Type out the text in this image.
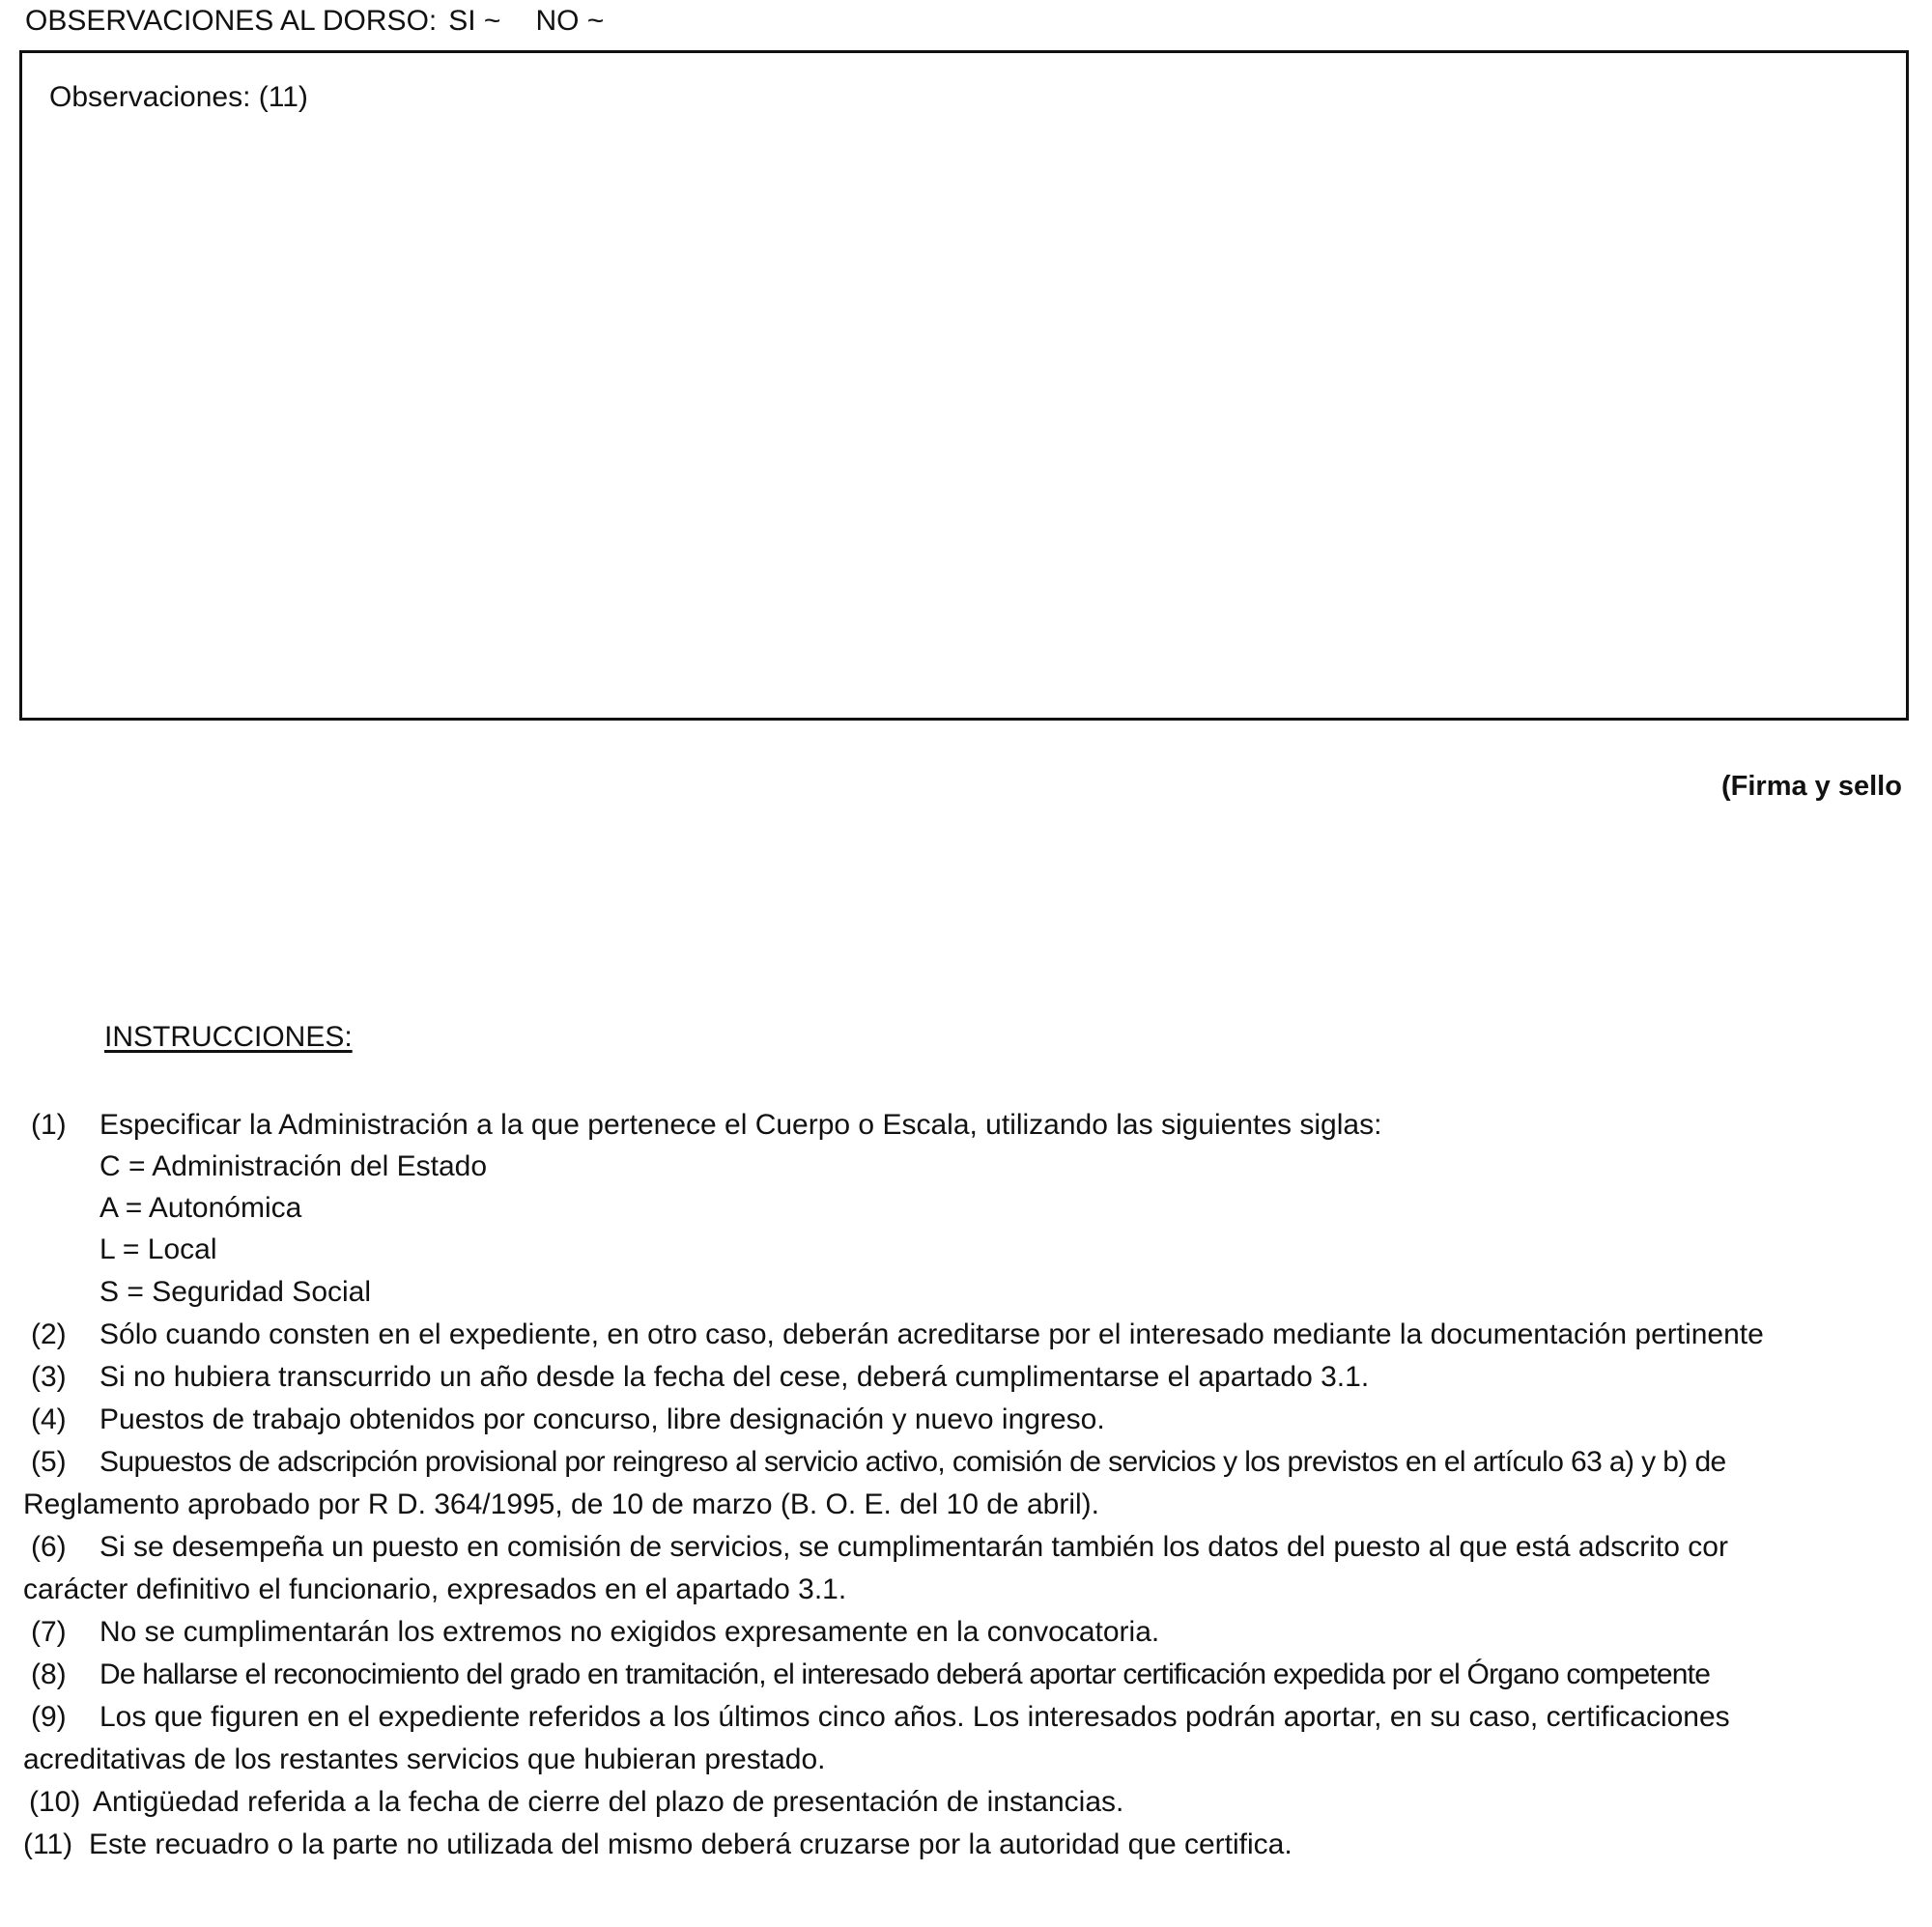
OBSERVACIONES AL DORSO: SI ~ NO ~
Observaciones: (11)
(Firma y sello
INSTRUCCIONES:
(1) Especificar la Administración a la que pertenece el Cuerpo o Escala, utilizando las siguientes siglas:
C = Administración del Estado
A = Autonómica
L = Local
S = Seguridad Social
(2) Sólo cuando consten en el expediente, en otro caso, deberán acreditarse por el interesado mediante la documentación pertinente
(3) Si no hubiera transcurrido un año desde la fecha del cese, deberá cumplimentarse el apartado 3.1.
(4) Puestos de trabajo obtenidos por concurso, libre designación y nuevo ingreso.
(5) Supuestos de adscripción provisional por reingreso al servicio activo, comisión de servicios y los previstos en el artículo 63 a) y b) de
Reglamento aprobado por R D. 364/1995, de 10 de marzo (B. O. E. del 10 de abril).
(6) Si se desempeña un puesto en comisión de servicios, se cumplimentarán también los datos del puesto al que está adscrito cor
carácter definitivo el funcionario, expresados en el apartado 3.1.
(7) No se cumplimentarán los extremos no exigidos expresamente en la convocatoria.
(8) De hallarse el reconocimiento del grado en tramitación, el interesado deberá aportar certificación expedida por el Órgano competente
(9) Los que figuren en el expediente referidos a los últimos cinco años. Los interesados podrán aportar, en su caso, certificaciones
acreditativas de los restantes servicios que hubieran prestado.
(10) Antigüedad referida a la fecha de cierre del plazo de presentación de instancias.
(11) Este recuadro o la parte no utilizada del mismo deberá cruzarse por la autoridad que certifica.
